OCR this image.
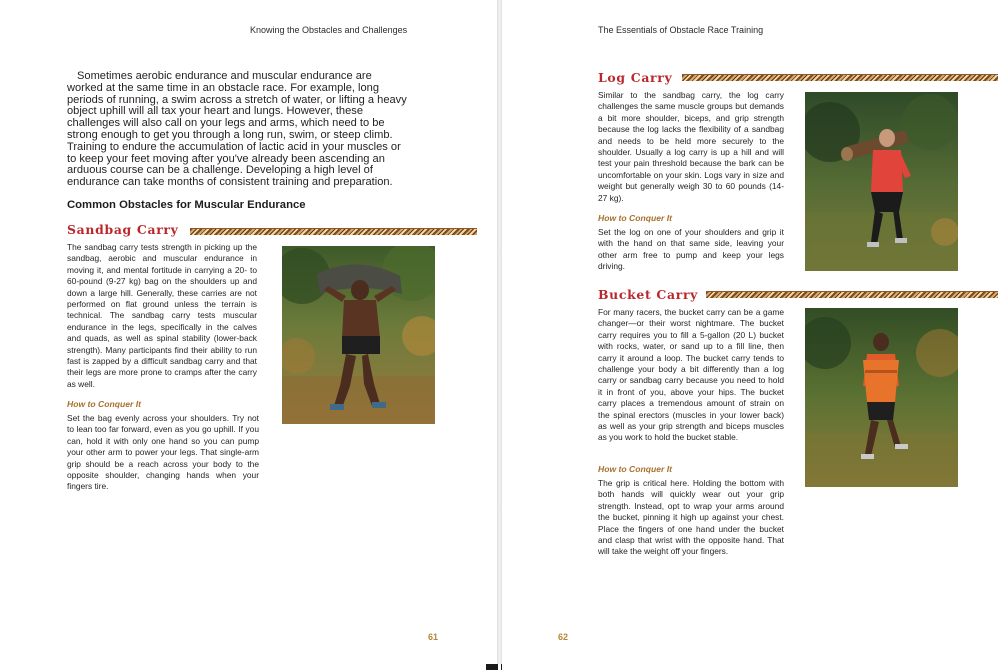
Knowing the Obstacles and Challenges

Sometimes aerobic endurance and muscular endurance are worked at the same time in an obstacle race. For example, long periods of running, a swim across a stretch of water, or lifting a heavy object uphill will all tax your heart and lungs. However, these challenges will also call on your legs and arms, which need to be strong enough to get you through a long run, swim, or steep climb. Training to endure the accumulation of lactic acid in your muscles or to keep your feet moving after you've already been ascending an arduous course can be a challenge. Developing a high level of endurance can take months of consistent training and preparation.

Common Obstacles for Muscular Endurance
Sandbag Carry

The sandbag carry tests strength in picking up the sandbag, aerobic and muscular endurance in moving it, and mental fortitude in carrying a 20- to 60-pound (9-27 kg) bag on the shoulders up and down a large hill. Generally, these carries are not performed on flat ground unless the terrain is technical. The sandbag carry tests muscular endurance in the legs, specifically in the calves and quads, as well as spinal stability (lower-back strength). Many participants find their ability to run fast is zapped by a difficult sandbag carry and that their legs are more prone to cramps after the carry as well.

How to Conquer It

Set the bag evenly across your shoulders. Try not to lean too far forward, even as you go uphill. If you can, hold it with only one hand so you can pump your other arm to power your legs. That single-arm grip should be a reach across your body to the opposite shoulder, changing hands when your fingers tire.

61
The Essentials of Obstacle Race Training
Log Carry

Similar to the sandbag carry, the log carry challenges the same muscle groups but demands a bit more shoulder, biceps, and grip strength because the log lacks the flexibility of a sandbag and needs to be held more securely to the shoulder. Usually a log carry is up a hill and will test your pain threshold because the bark can be uncomfortable on your skin. Logs vary in size and weight but generally weigh 30 to 60 pounds (14-27 kg).

How to Conquer It

Set the log on one of your shoulders and grip it with the hand on that same side, leaving your other arm free to pump and keep your legs driving.

Bucket Carry

For many racers, the bucket carry can be a game changer—or their worst nightmare. The bucket carry requires you to fill a 5-gallon (20 L) bucket with rocks, water, or sand up to a fill line, then carry it around a loop. The bucket carry tends to challenge your body a bit differently than a log carry or sandbag carry because you need to hold it in front of you, above your hips. The bucket carry places a tremendous amount of strain on the spinal erectors (muscles in your lower back) as well as your grip strength and biceps muscles as you work to hold the bucket stable.

How to Conquer It

The grip is critical here. Holding the bottom with both hands will quickly wear out your grip strength. Instead, opt to wrap your arms around the bucket, pinning it high up against your chest. Place the fingers of one hand under the bucket and clasp that wrist with the opposite hand. That will take the weight off your fingers.

62
